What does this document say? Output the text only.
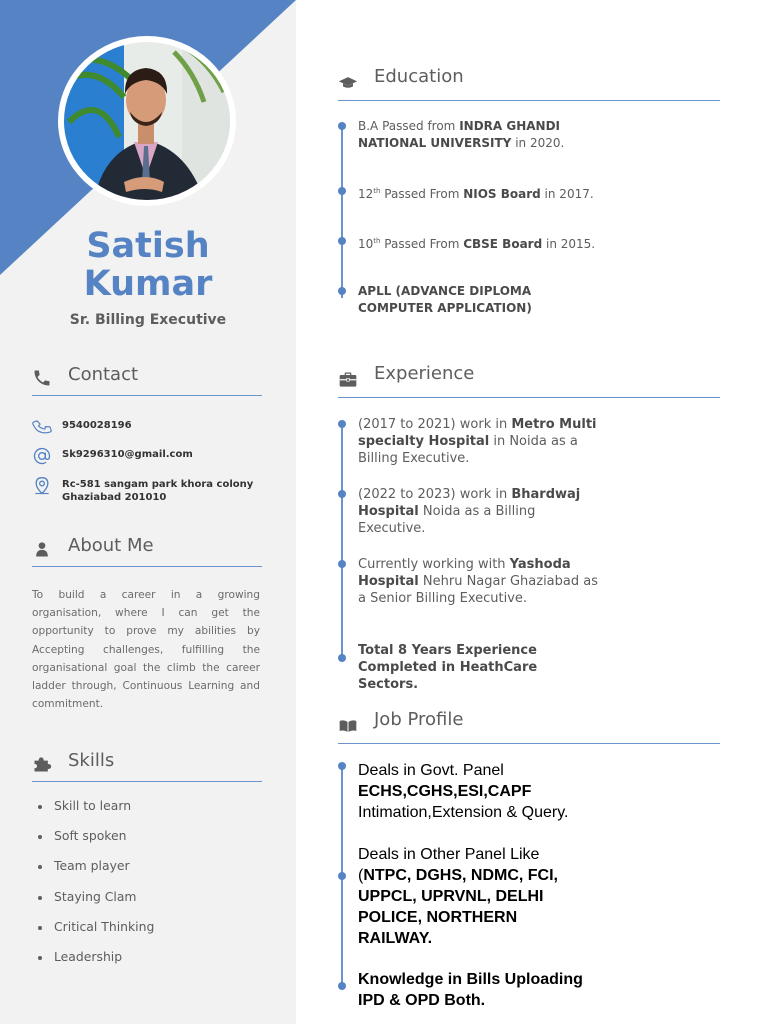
Satish
Kumar
Sr. Billing Executive
Contact
9540028196
Sk9296310@gmail.com
Rc-581 sangam park khora colony Ghaziabad 201010
About Me

To build a career in a growing organisation, where I can get the opportunity to prove my abilities by Accepting challenges, fulfilling the organisational goal the climb the career ladder through, Continuous Learning and commitment.

Skills
Skill to learn
Soft spoken
Team player
Staying Clam
Critical Thinking
Leadership
Education
B.A Passed from INDRA GHANDI NATIONAL UNIVERSITY in 2020.
12th Passed From NIOS Board in 2017.
10th Passed From CBSE Board in 2015.
APLL (ADVANCE DIPLOMA COMPUTER APPLICATION)
Experience
(2017 to 2021) work in Metro Multi specialty Hospital in Noida as a Billing Executive.
(2022 to 2023) work in Bhardwaj Hospital Noida as a Billing Executive.
Currently working with Yashoda Hospital Nehru Nagar Ghaziabad as a Senior Billing Executive.
Total 8 Years Experience Completed in HeathCare Sectors.
Job Profile
Deals in Govt. Panel
ECHS,CGHS,ESI,CAPF
Intimation,Extension & Query.
Deals in Other Panel Like
(NTPC, DGHS, NDMC, FCI, UPPCL, UPRVNL, DELHI POLICE, NORTHERN RAILWAY.
Knowledge in Bills Uploading IPD & OPD Both.
